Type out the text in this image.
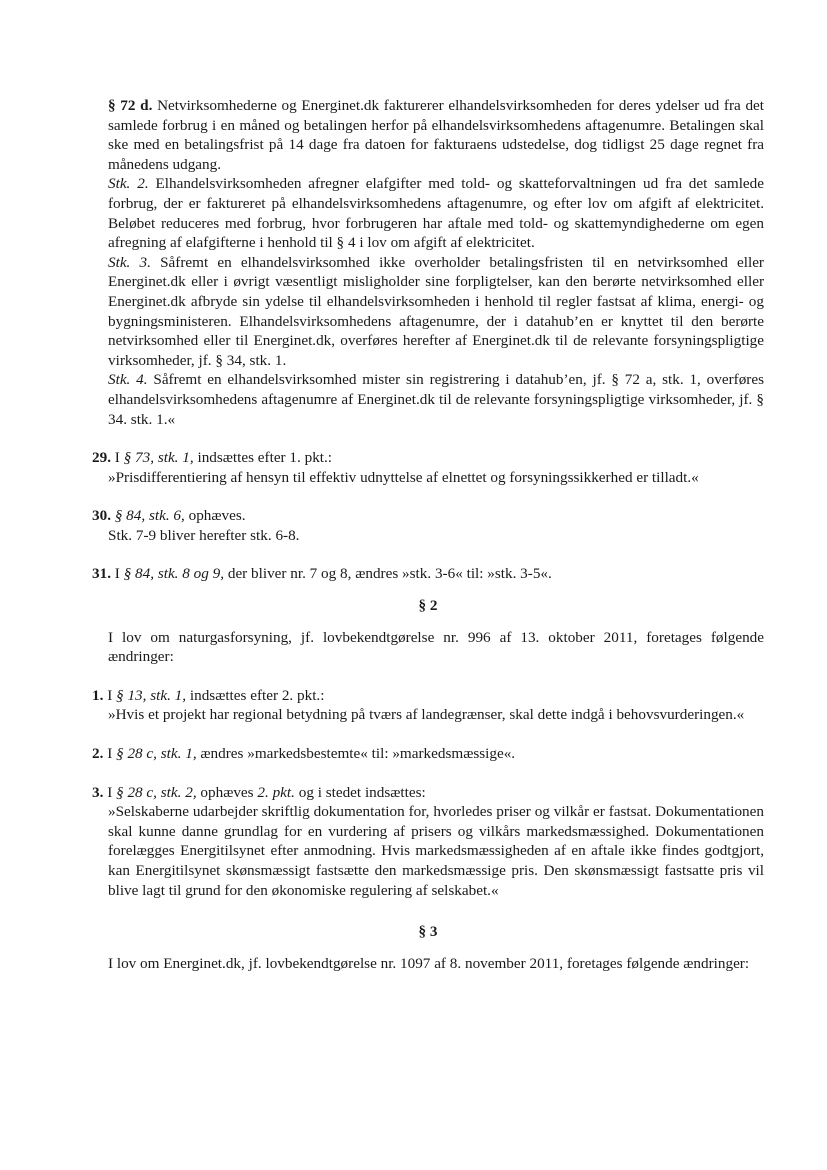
§ 72 d. Netvirksomhederne og Energinet.dk fakturerer elhandelsvirksomheden for deres ydelser ud fra det samlede forbrug i en måned og betalingen herfor på elhandelsvirksomhedens aftagenumre. Betalingen skal ske med en betalingsfrist på 14 dage fra datoen for fakturaens udstedelse, dog tidligst 25 dage regnet fra månedens udgang.

Stk. 2. Elhandelsvirksomheden afregner elafgifter med told- og skatteforvaltningen ud fra det samlede forbrug, der er faktureret på elhandelsvirksomhedens aftagenumre, og efter lov om afgift af elektricitet. Beløbet reduceres med forbrug, hvor forbrugeren har aftale med told- og skattemyndighederne om egen afregning af elafgifterne i henhold til § 4 i lov om afgift af elektricitet.

Stk. 3. Såfremt en elhandelsvirksomhed ikke overholder betalingsfristen til en netvirksomhed eller Energinet.dk eller i øvrigt væsentligt misligholder sine forpligtelser, kan den berørte netvirksomhed eller Energinet.dk afbryde sin ydelse til elhandelsvirksomheden i henhold til regler fastsat af klima, energi- og bygningsministeren. Elhandelsvirksomhedens aftagenumre, der i datahub’en er knyttet til den berørte netvirksomhed eller til Energinet.dk, overføres herefter af Energinet.dk til de relevante forsyningspligtige virksomheder, jf. § 34, stk. 1.

Stk. 4. Såfremt en elhandelsvirksomhed mister sin registrering i datahub’en, jf. § 72 a, stk. 1, overføres elhandelsvirksomhedens aftagenumre af Energinet.dk til de relevante forsyningspligtige virksomheder, jf. § 34. stk. 1.«

29. I § 73, stk. 1, indsættes efter 1. pkt.:

»Prisdifferentiering af hensyn til effektiv udnyttelse af elnettet og forsyningssikkerhed er tilladt.«

30. § 84, stk. 6, ophæves.

Stk. 7-9 bliver herefter stk. 6-8.

31. I § 84, stk. 8 og 9, der bliver nr. 7 og 8, ændres »stk. 3-6« til: »stk. 3-5«.

§ 2

I lov om naturgasforsyning, jf. lovbekendtgørelse nr. 996 af 13. oktober 2011, foretages følgende ændringer:

1. I § 13, stk. 1, indsættes efter 2. pkt.:

»Hvis et projekt har regional betydning på tværs af landegrænser, skal dette indgå i behovsvurderingen.«

2. I § 28 c, stk. 1, ændres »markedsbestemte« til: »markedsmæssige«.

3. I § 28 c, stk. 2, ophæves 2. pkt. og i stedet indsættes:

»Selskaberne udarbejder skriftlig dokumentation for, hvorledes priser og vilkår er fastsat. Dokumentationen skal kunne danne grundlag for en vurdering af prisers og vilkårs markedsmæssighed. Dokumentationen forelægges Energitilsynet efter anmodning. Hvis markedsmæssigheden af en aftale ikke findes godtgjort, kan Energitilsynet skønsmæssigt fastsætte den markedsmæssige pris. Den skønsmæssigt fastsatte pris vil blive lagt til grund for den økonomiske regulering af selskabet.«

§ 3

I lov om Energinet.dk, jf. lovbekendtgørelse nr. 1097 af 8. november 2011, foretages følgende ændringer:
